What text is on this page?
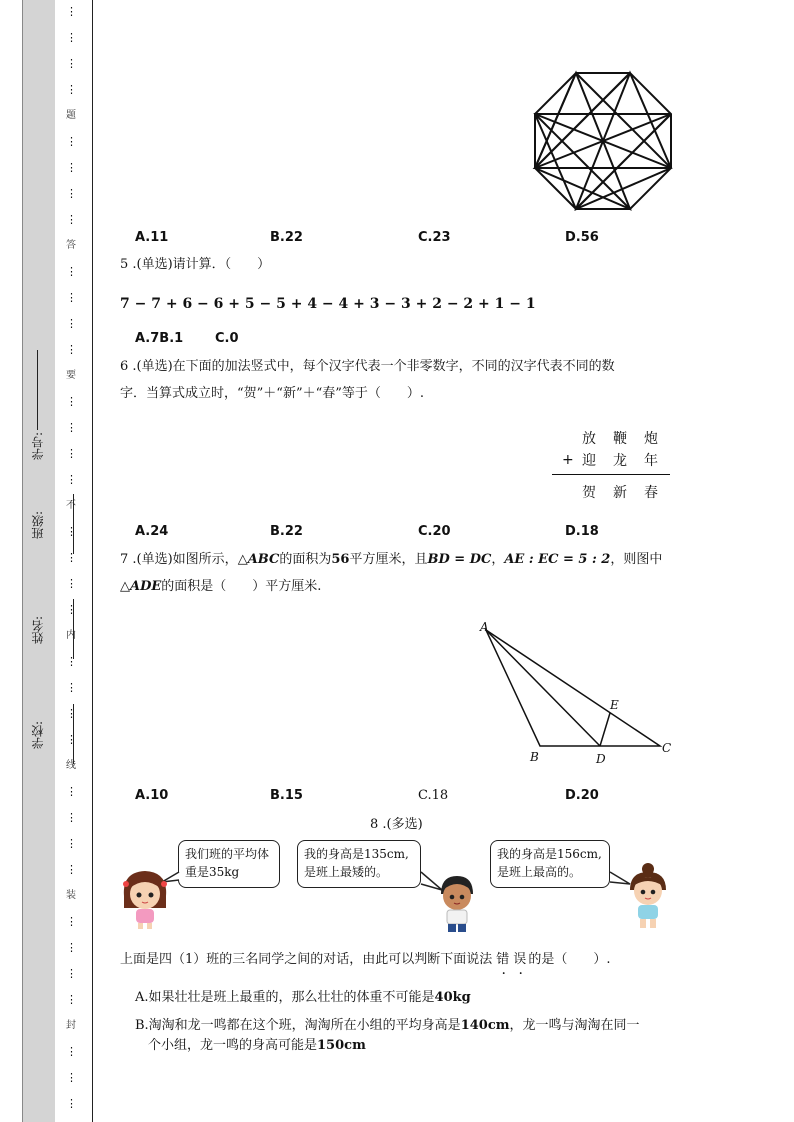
学校:
姓名:
班级:
学号:
⋮
⋮
⋮
⋮
题
⋮
⋮
⋮
⋮
答
⋮
⋮
⋮
⋮
要
⋮
⋮
⋮
⋮
不
⋮
⋮
⋮
⋮
内
⋮
⋮
⋮
⋮
线
⋮
⋮
⋮
⋮
装
⋮
⋮
⋮
⋮
封
⋮
⋮
⋮
A.11	B.22	C.23	D.56
5 .(单选)请计算．（　　）
7 − 7 + 6 − 6 + 5 − 5 + 4 − 4 + 3 − 3 + 2 − 2 + 1 − 1
A.7B.1 C.0
6 .(单选)在下面的加法竖式中，每个汉字代表一个非零数字，不同的汉字代表不同的数
字．当算式成立时，“贺”＋“新”＋“春”等于（　　）.
放 鞭 炮
+ 迎 龙 年
贺 新 春
A.24	B.22	C.20	D.18
7 .(单选)如图所示，△ABC的面积为56平方厘米，且BD = DC，AE : EC = 5 : 2，则图中
△ADE的面积是（　　）平方厘米.
A
B	D
C
E
A.10	B.15	C.18	D.20
8 .(多选)
我们班的平均体
重是35kg
我的身高是135cm,
是班上最矮的。
我的身高是156cm,
是班上最高的。
上面是四（1）班的三名同学之间的对话，由此可以判断下面说法 错 误 的是（　　）.
A.如果壮壮是班上最重的，那么壮壮的体重不可能是40kg
B.淘淘和龙一鸣都在这个班，淘淘所在小组的平均身高是140cm，龙一鸣与淘淘在同一
个小组，龙一鸣的身高可能是150cm
